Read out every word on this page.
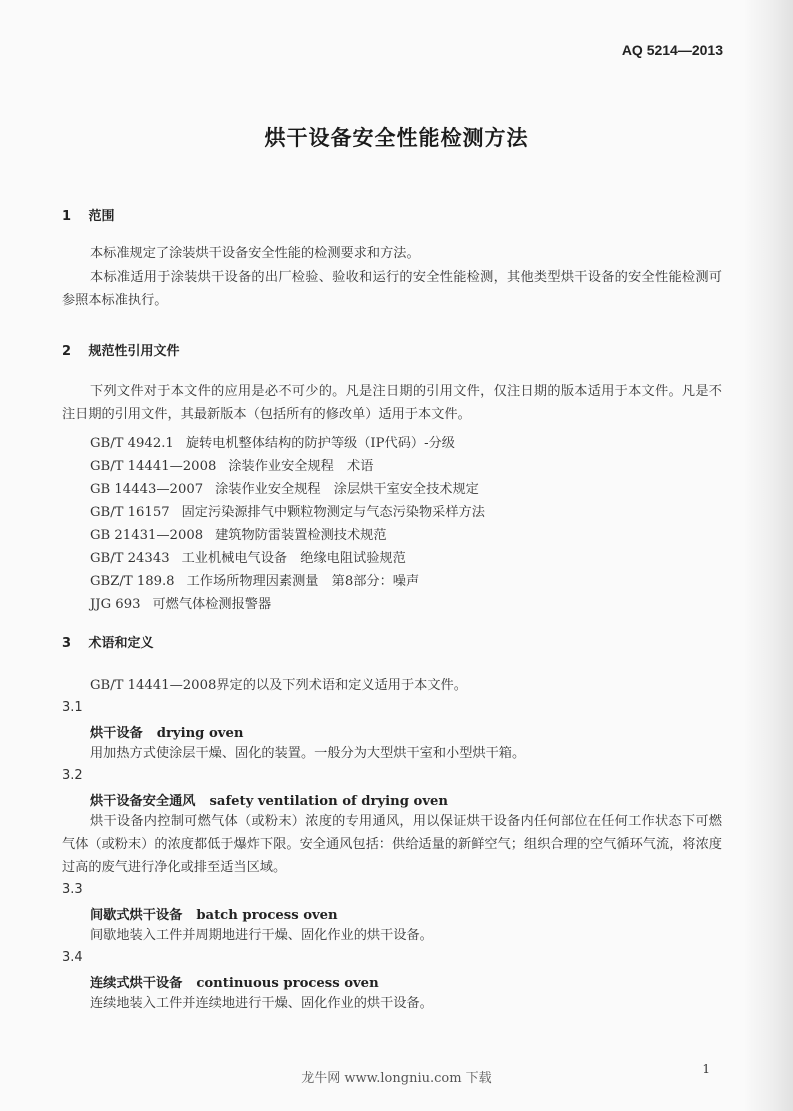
AQ 5214—2013
烘干设备安全性能检测方法
1 范围
本标准规定了涂装烘干设备安全性能的检测要求和方法。
本标准适用于涂装烘干设备的出厂检验、验收和运行的安全性能检测，其他类型烘干设备的安全性能检测可参照本标准执行。
2 规范性引用文件
下列文件对于本文件的应用是必不可少的。凡是注日期的引用文件，仅注日期的版本适用于本文件。凡是不注日期的引用文件，其最新版本（包括所有的修改单）适用于本文件。
GB/T 4942.1 旋转电机整体结构的防护等级（IP代码）-分级
GB/T 14441—2008 涂装作业安全规程　术语
GB 14443—2007 涂装作业安全规程　涂层烘干室安全技术规定
GB/T 16157 固定污染源排气中颗粒物测定与气态污染物采样方法
GB 21431—2008 建筑物防雷装置检测技术规范
GB/T 24343 工业机械电气设备　绝缘电阻试验规范
GBZ/T 189.8 工作场所物理因素测量　第8部分：噪声
JJG 693 可燃气体检测报警器
3 术语和定义
GB/T 14441—2008界定的以及下列术语和定义适用于本文件。
3.1
烘干设备 drying oven
用加热方式使涂层干燥、固化的装置。一般分为大型烘干室和小型烘干箱。
3.2
烘干设备安全通风 safety ventilation of drying oven
烘干设备内控制可燃气体（或粉末）浓度的专用通风，用以保证烘干设备内任何部位在任何工作状态下可燃气体（或粉末）的浓度都低于爆炸下限。安全通风包括：供给适量的新鲜空气；组织合理的空气循环气流，将浓度过高的废气进行净化或排至适当区域。
3.3
间歇式烘干设备 batch process oven
间歇地装入工件并周期地进行干燥、固化作业的烘干设备。
3.4
连续式烘干设备 continuous process oven
连续地装入工件并连续地进行干燥、固化作业的烘干设备。
1
龙牛网 www.longniu.com 下载
